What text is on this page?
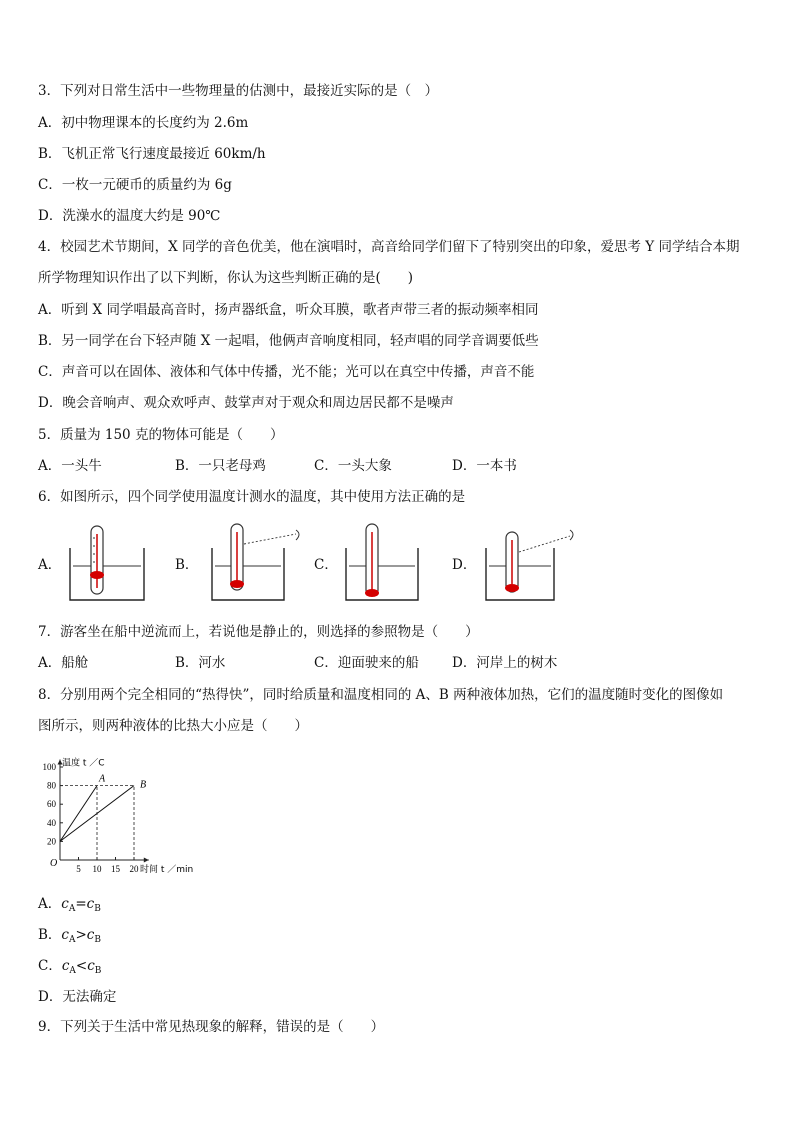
3．下列对日常生活中一些物理量的估测中，最接近实际的是（　）
A．初中物理课本的长度约为 2.6m
B．飞机正常飞行速度最接近 60km/h
C．一枚一元硬币的质量约为 6g
D．洗澡水的温度大约是 90℃
4．校园艺术节期间，X 同学的音色优美，他在演唱时，高音给同学们留下了特别突出的印象，爱思考 Y 同学结合本期
所学物理知识作出了以下判断，你认为这些判断正确的是(　　)
A．听到 X 同学唱最高音时，扬声器纸盒，听众耳膜，歌者声带三者的振动频率相同
B．另一同学在台下轻声随 X 一起唱，他俩声音响度相同，轻声唱的同学音调要低些
C．声音可以在固体、液体和气体中传播，光不能；光可以在真空中传播，声音不能
D．晚会音响声、观众欢呼声、鼓掌声对于观众和周边居民都不是噪声
5．质量为 150 克的物体可能是（　　）
A．一头牛	B．一只老母鸡	C．一头大象	D．一本书
6．如图所示，四个同学使用温度计测水的温度，其中使用方法正确的是
A．	B．	C．	D．
7．游客坐在船中逆流而上，若说他是静止的，则选择的参照物是（　　）
A．船舱	B．河水	C．迎面驶来的船 D．河岸上的树木
8．分别用两个完全相同的“热得快”，同时给质量和温度相同的 A、B 两种液体加热，它们的温度随时变化的图像如
图所示，则两种液体的比热大小应是（　　）
5 10 15 20
20
40
60
80
100
A
B
O
温度 t ／C
时间 t ／min
A．$c_A=c_B$
B．$c_A>c_B$
C．$c_A<c_B$
D．无法确定
9．下列关于生活中常见热现象的解释，错误的是（　　）
